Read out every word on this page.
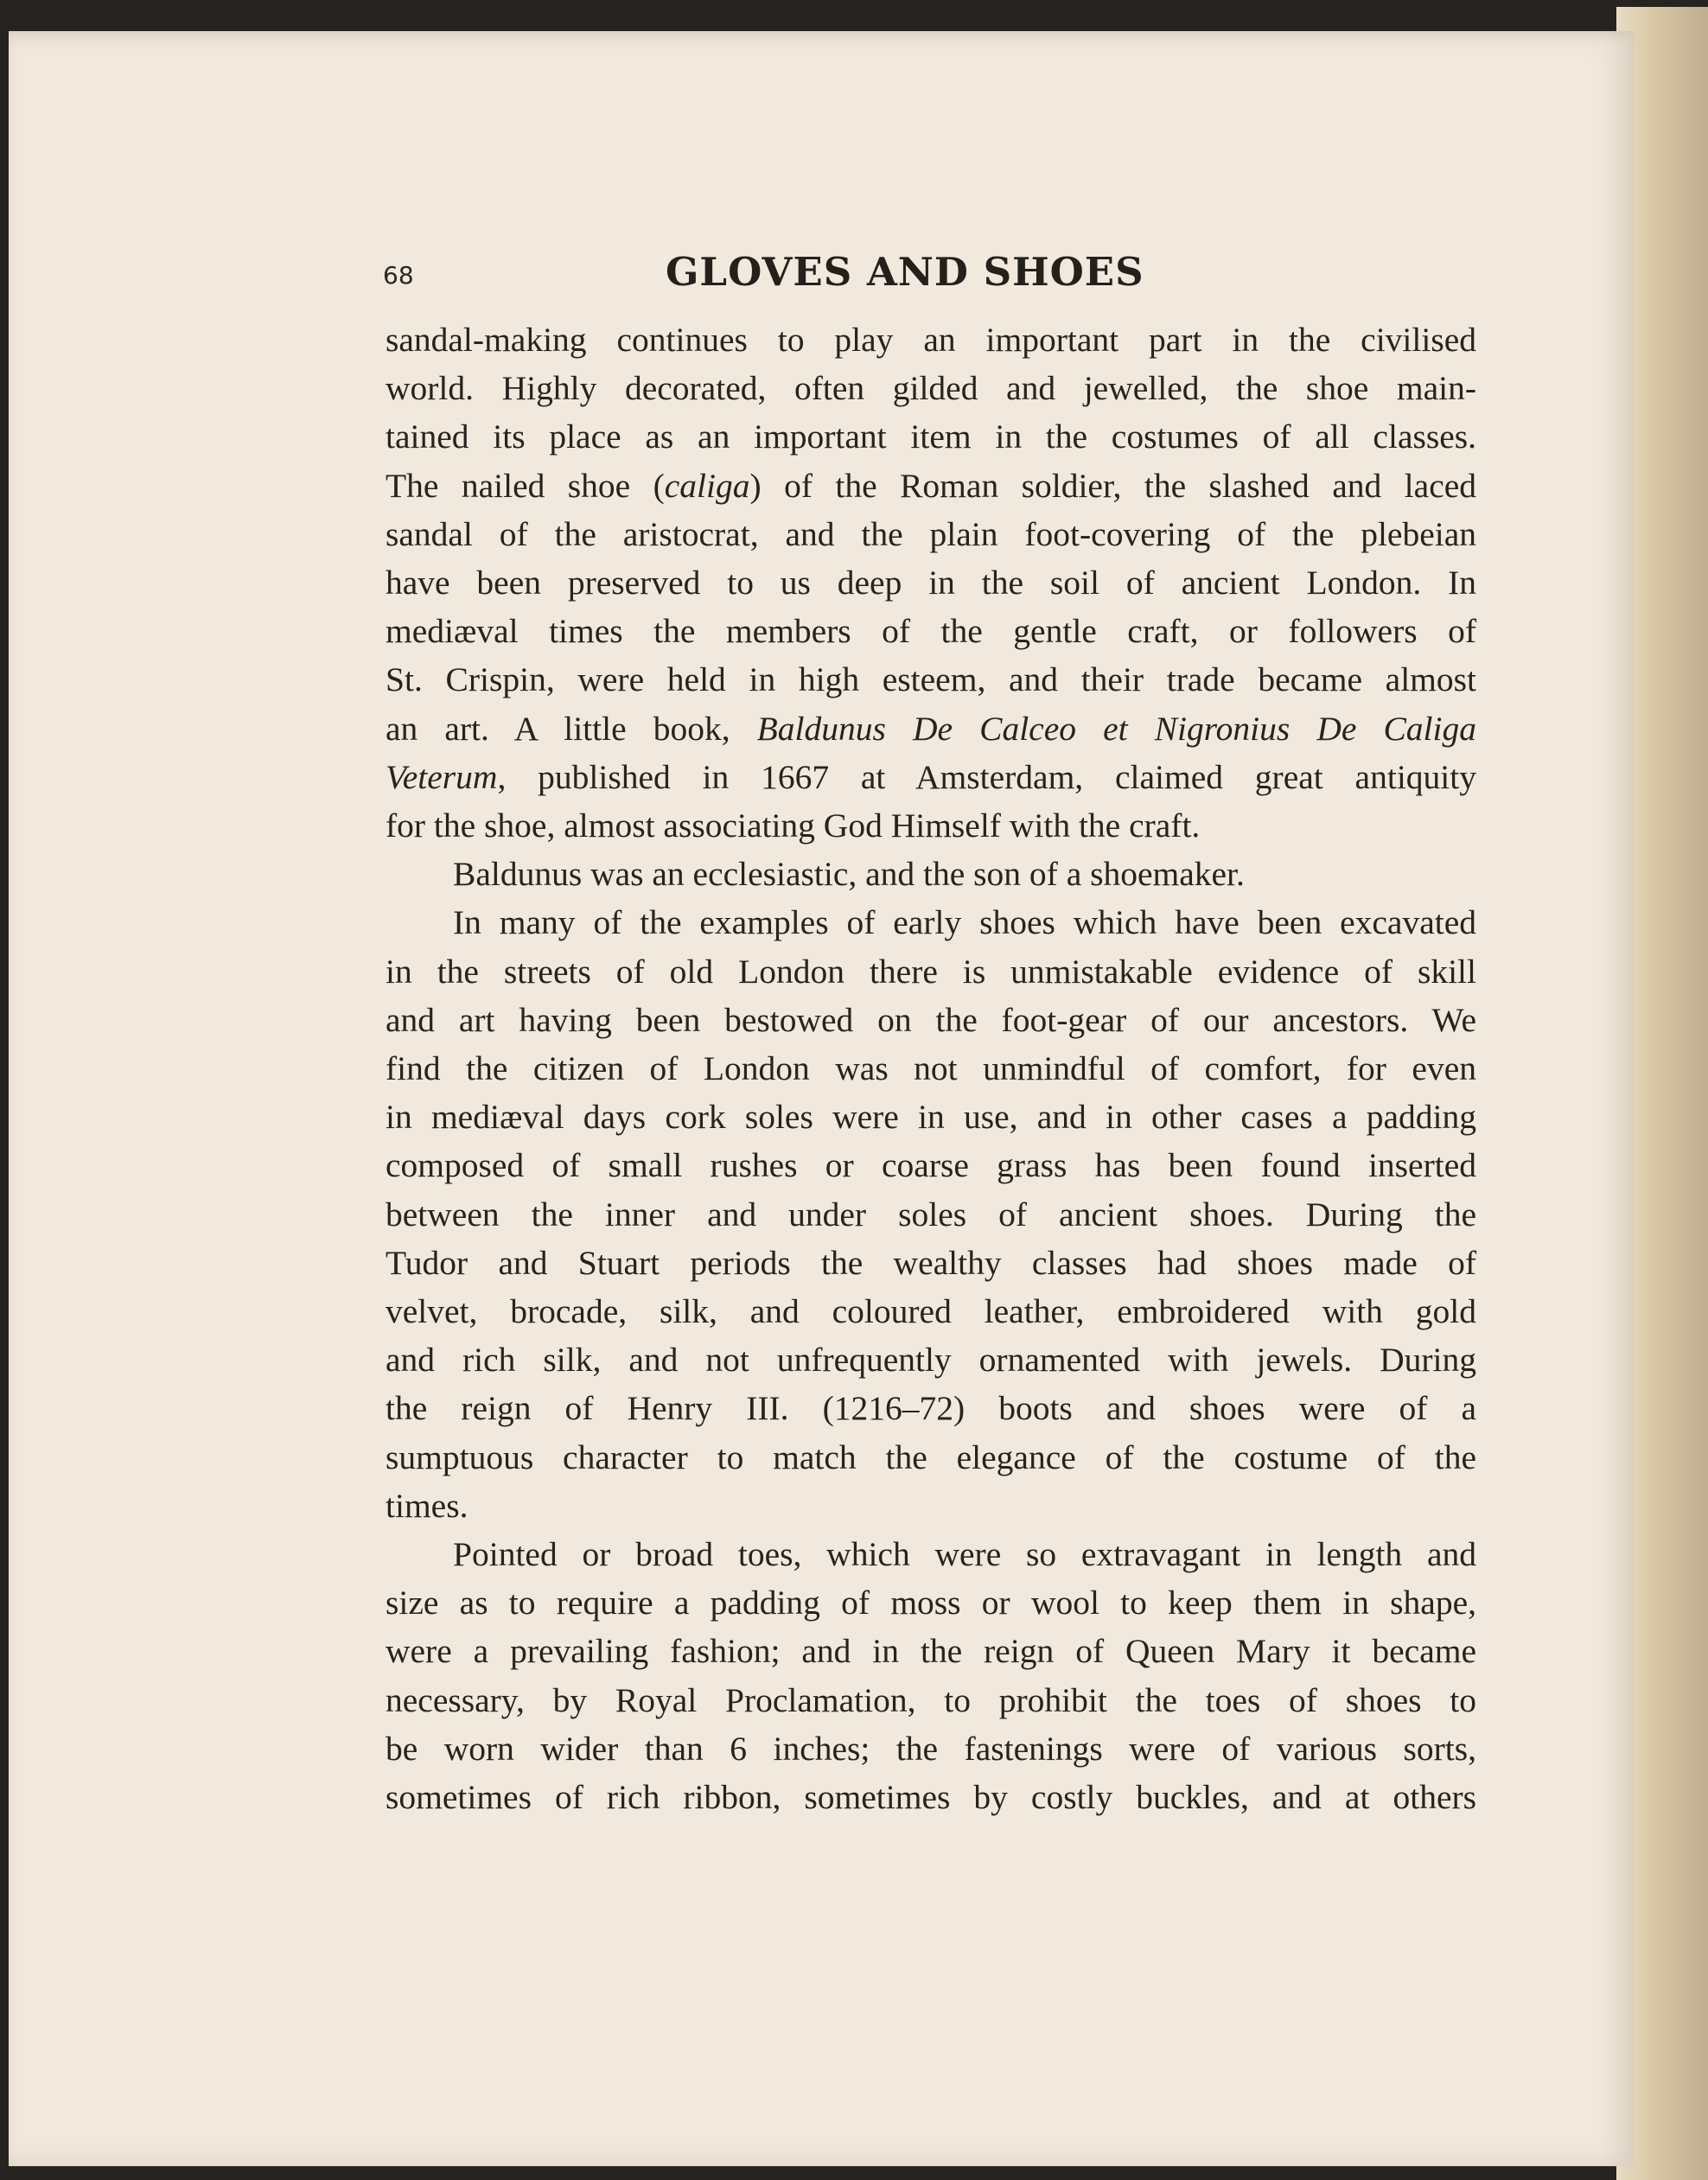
68	GLOVES AND SHOES
sandal-making continues to play an important part in the civilised
world. Highly decorated, often gilded and jewelled, the shoe main-
tained its place as an important item in the costumes of all classes.
The nailed shoe (caliga) of the Roman soldier, the slashed and laced
sandal of the aristocrat, and the plain foot-covering of the plebeian
have been preserved to us deep in the soil of ancient London. In
mediæval times the members of the gentle craft, or followers of
St. Crispin, were held in high esteem, and their trade became almost
an art. A little book, Baldunus De Calceo et Nigronius De Caliga
Veterum, published in 1667 at Amsterdam, claimed great antiquity
for the shoe, almost associating God Himself with the craft.
Baldunus was an ecclesiastic, and the son of a shoemaker.
In many of the examples of early shoes which have been excavated
in the streets of old London there is unmistakable evidence of skill
and art having been bestowed on the foot-gear of our ancestors. We
find the citizen of London was not unmindful of comfort, for even
in mediæval days cork soles were in use, and in other cases a padding
composed of small rushes or coarse grass has been found inserted
between the inner and under soles of ancient shoes. During the
Tudor and Stuart periods the wealthy classes had shoes made of
velvet, brocade, silk, and coloured leather, embroidered with gold
and rich silk, and not unfrequently ornamented with jewels. During
the reign of Henry III. (1216–72) boots and shoes were of a
sumptuous character to match the elegance of the costume of the
times.
Pointed or broad toes, which were so extravagant in length and
size as to require a padding of moss or wool to keep them in shape,
were a prevailing fashion; and in the reign of Queen Mary it became
necessary, by Royal Proclamation, to prohibit the toes of shoes to
be worn wider than 6 inches; the fastenings were of various sorts,
sometimes of rich ribbon, sometimes by costly buckles, and at others
